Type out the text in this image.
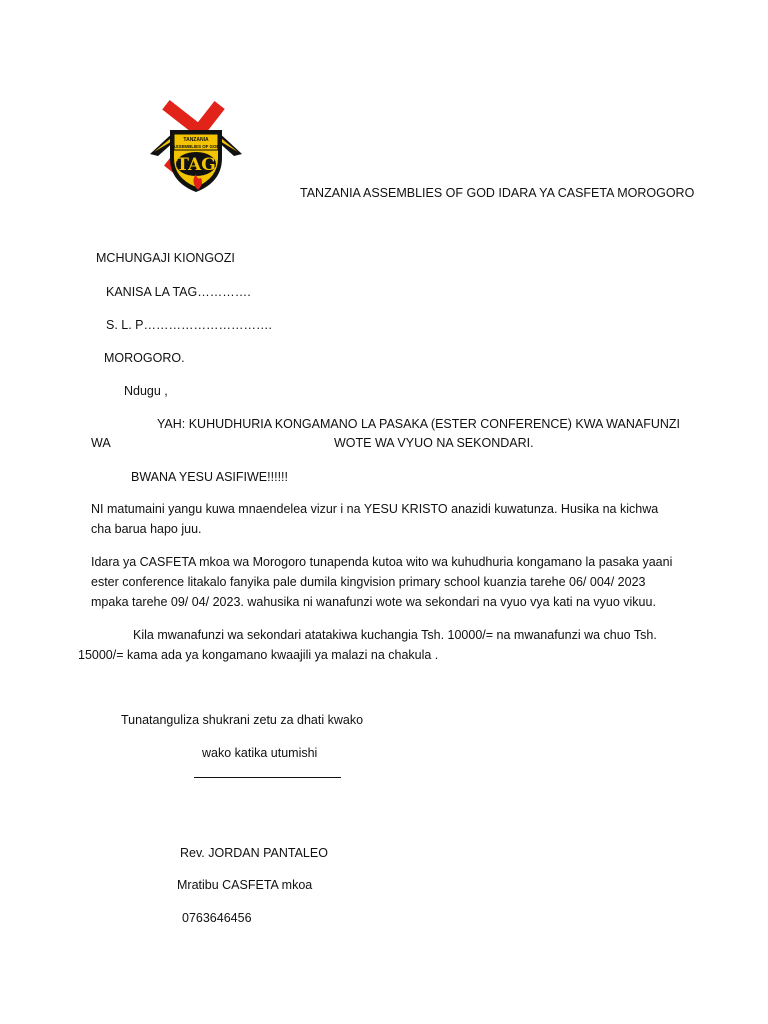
TANZANIA
ASSEMBLIES OF GOD
TAG
TANZANIA ASSEMBLIES OF GOD IDARA YA CASFETA MOROGORO
MCHUNGAJI KIONGOZI
KANISA LA TAG………….
S. L. P………………………….
MOROGORO.
Ndugu ,
YAH: KUHUDHURIA KONGAMANO LA PASAKA (ESTER CONFERENCE) KWA WANAFUNZI
WA	WOTE WA VYUO NA SEKONDARI.
BWANA YESU ASIFIWE!!!!!!
NI matumaini yangu kuwa mnaendelea vizur i na YESU KRISTO anazidi kuwatunza. Husika na kichwa
cha barua hapo juu.
Idara ya CASFETA mkoa wa Morogoro tunapenda kutoa wito wa kuhudhuria kongamano la pasaka yaani
ester conference litakalo fanyika pale dumila kingvision primary school kuanzia tarehe 06/ 004/ 2023
mpaka tarehe 09/ 04/ 2023. wahusika ni wanafunzi wote wa sekondari na vyuo vya kati na vyuo vikuu.
Kila mwanafunzi wa sekondari atatakiwa kuchangia Tsh. 10000/= na mwanafunzi wa chuo Tsh.
15000/= kama ada ya kongamano kwaajili ya malazi na chakula .
Tunatanguliza shukrani zetu za dhati kwako
wako katika utumishi
Rev. JORDAN PANTALEO
Mratibu CASFETA mkoa
0763646456
